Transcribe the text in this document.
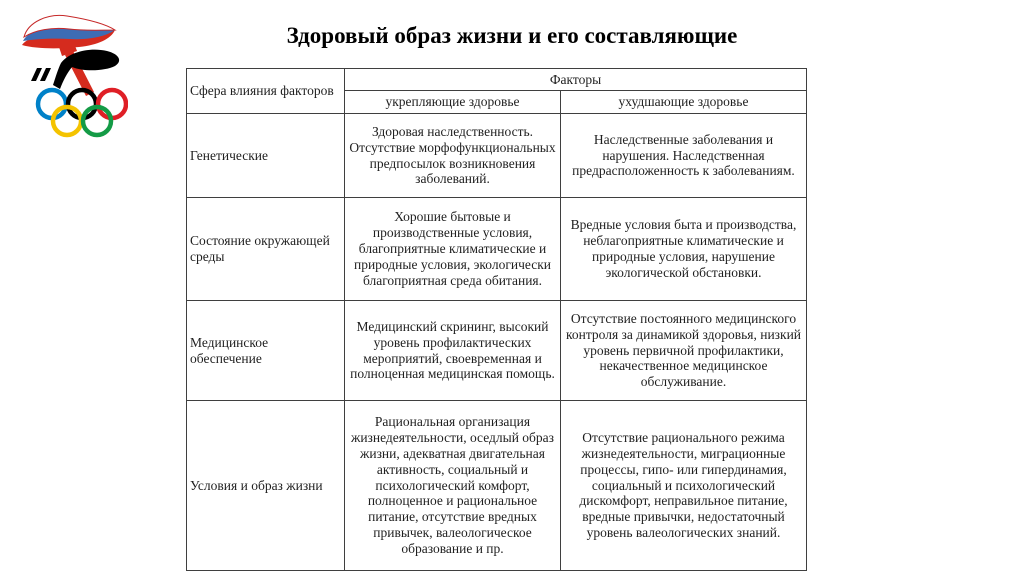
Здоровый образ жизни и его составляющие
Сфера влияния факторов	Факторы	
	укрепляющие здоровье	ухудшающие здоровье
Генетические	Здоровая наследственность. Отсутствие морфофункциональных предпосылок возникновения заболеваний.	Наследственные заболевания и нарушения. Наследственная предрасположенность к заболеваниям.
Состояние окружающей среды	Хорошие бытовые и производственные условия, благоприятные климатические и природные условия, экологически благоприятная среда обитания.	Вредные условия быта и производства, неблагоприятные климатические и природные условия, нарушение экологической обстановки.
Медицинское обеспечение	Медицинский скрининг, высокий уровень профилактических мероприятий, своевременная и полноценная медицинская помощь.	Отсутствие постоянного медицинского контроля за динамикой здоровья, низкий уровень первичной профилактики, некачественное медицинское обслуживание.
Условия и образ жизни	Рациональная организация жизнедеятельности, оседлый образ жизни, адекватная двигательная активность, социальный и психологический комфорт, полноценное и рациональное питание, отсутствие вредных привычек, валеологическое образование и пр.	Отсутствие рационального режима жизнедеятельности, миграционные процессы, гипо- или гипердинамия, социальный и психологический дискомфорт, неправильное питание, вредные привычки, недостаточный уровень валеологических знаний.
